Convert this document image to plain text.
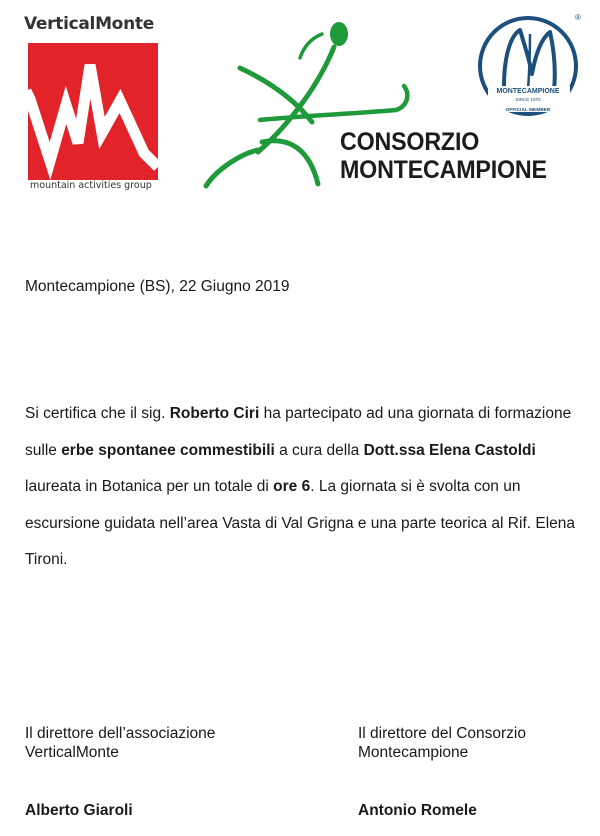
VerticalMonte
mountain activities group
CONSORZIO
MONTECAMPIONE
MONTECAMPIONE
SINCE 1970
OFFICIAL MEMBER
®
Montecampione (BS), 22 Giugno 2019
Si certifica che il sig. Roberto Ciri ha partecipato ad una giornata di formazione sulle erbe spontanee commestibili a cura della Dott.ssa Elena Castoldi laureata in Botanica per un totale di ore 6. La giornata si è svolta con un escursione guidata nell’area Vasta di Val Grigna e una parte teorica al Rif. Elena Tironi.
Il direttore dell’associazione
VerticalMonte
Alberto Giaroli
Il direttore del Consorzio
Montecampione
Antonio Romele
